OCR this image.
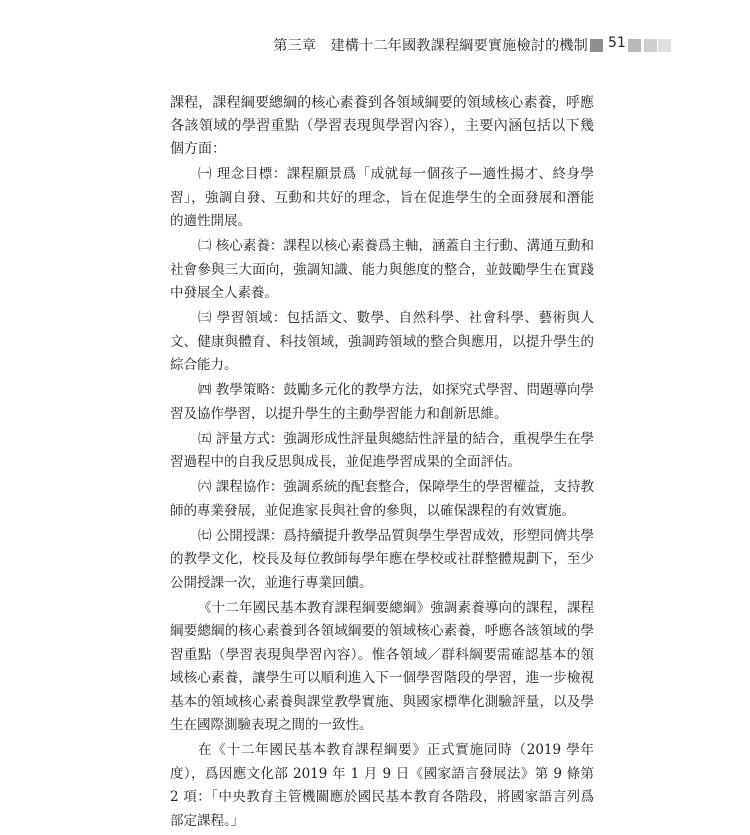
第三章　建構十二年國教課程綱要實施檢討的機制 51

課程，課程綱要總綱的核心素養到各領域綱要的領域核心素養，呼應各該領域的學習重點（學習表現與學習內容），主要內涵包括以下幾個方面：

㈠ 理念目標：課程願景爲「成就每一個孩子—適性揚才、終身學習」，強調自發、互動和共好的理念，旨在促進學生的全面發展和潛能的適性開展。

㈡ 核心素養：課程以核心素養爲主軸，涵蓋自主行動、溝通互動和社會參與三大面向，強調知識、能力與態度的整合，並鼓勵學生在實踐中發展全人素養。

㈢ 學習領域：包括語文、數學、自然科學、社會科學、藝術與人文、健康與體育、科技領域，強調跨領域的整合與應用，以提升學生的綜合能力。

㈣ 教學策略：鼓勵多元化的教學方法，如探究式學習、問題導向學習及協作學習，以提升學生的主動學習能力和創新思維。

㈤ 評量方式：強調形成性評量與總結性評量的結合，重視學生在學習過程中的自我反思與成長，並促進學習成果的全面評估。

㈥ 課程協作：強調系統的配套整合，保障學生的學習權益，支持教師的專業發展，並促進家長與社會的參與，以確保課程的有效實施。

㈦ 公開授課：爲持續提升教學品質與學生學習成效，形塑同儕共學的教學文化，校長及每位教師每學年應在學校或社群整體規劃下，至少公開授課一次，並進行專業回饋。

《十二年國民基本教育課程綱要總綱》強調素養導向的課程，課程綱要總綱的核心素養到各領域綱要的領域核心素養，呼應各該領域的學習重點（學習表現與學習內容）。惟各領域／群科綱要需確認基本的領域核心素養，讓學生可以順利進入下一個學習階段的學習，進一步檢視基本的領域核心素養與課堂教學實施、與國家標準化測驗評量，以及學生在國際測驗表現之間的一致性。

在《十二年國民基本教育課程綱要》正式實施同時（2019 學年度），爲因應文化部 2019 年 1 月 9 日《國家語言發展法》第 9 條第 2 項：「中央教育主管機關應於國民基本教育各階段，將國家語言列爲部定課程。」
